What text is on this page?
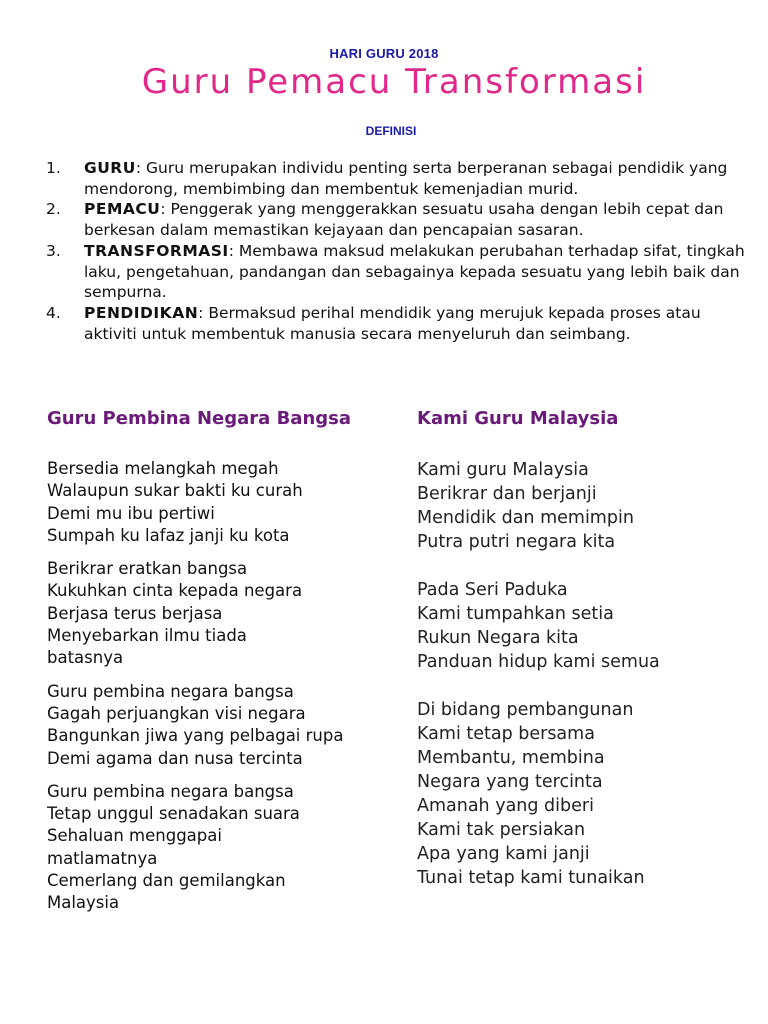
HARI GURU 2018
Guru Pemacu Transformasi
DEFINISI
1. GURU: Guru merupakan individu penting serta berperanan sebagai pendidik yang mendorong, membimbing dan membentuk kemenjadian murid.
2. PEMACU: Penggerak yang menggerakkan sesuatu usaha dengan lebih cepat dan berkesan dalam memastikan kejayaan dan pencapaian sasaran.
3. TRANSFORMASI: Membawa maksud melakukan perubahan terhadap sifat, tingkah laku, pengetahuan, pandangan dan sebagainya kepada sesuatu yang lebih baik dan sempurna.
4. PENDIDIKAN: Bermaksud perihal mendidik yang merujuk kepada proses atau aktiviti untuk membentuk manusia secara menyeluruh dan seimbang.
Guru Pembina Negara Bangsa
Bersedia melangkah megah
Walaupun sukar bakti ku curah
Demi mu ibu pertiwi
Sumpah ku lafaz janji ku kota
Berikrar eratkan bangsa
Kukuhkan cinta kepada negara
Berjasa terus berjasa
Menyebarkan ilmu tiada batasnya
Guru pembina negara bangsa
Gagah perjuangkan visi negara
Bangunkan jiwa yang pelbagai rupa
Demi agama dan nusa tercinta
Guru pembina negara bangsa
Tetap unggul senadakan suara
Sehaluan menggapai matlamatnya
Cemerlang dan gemilangkan Malaysia
Kami Guru Malaysia
Kami guru Malaysia
Berikrar dan berjanji
Mendidik dan memimpin
Putra putri negara kita
Pada Seri Paduka
Kami tumpahkan setia
Rukun Negara kita
Panduan hidup kami semua
Di bidang pembangunan
Kami tetap bersama
Membantu, membina
Negara yang tercinta
Amanah yang diberi
Kami tak persiakan
Apa yang kami janji
Tunai tetap kami tunaikan
